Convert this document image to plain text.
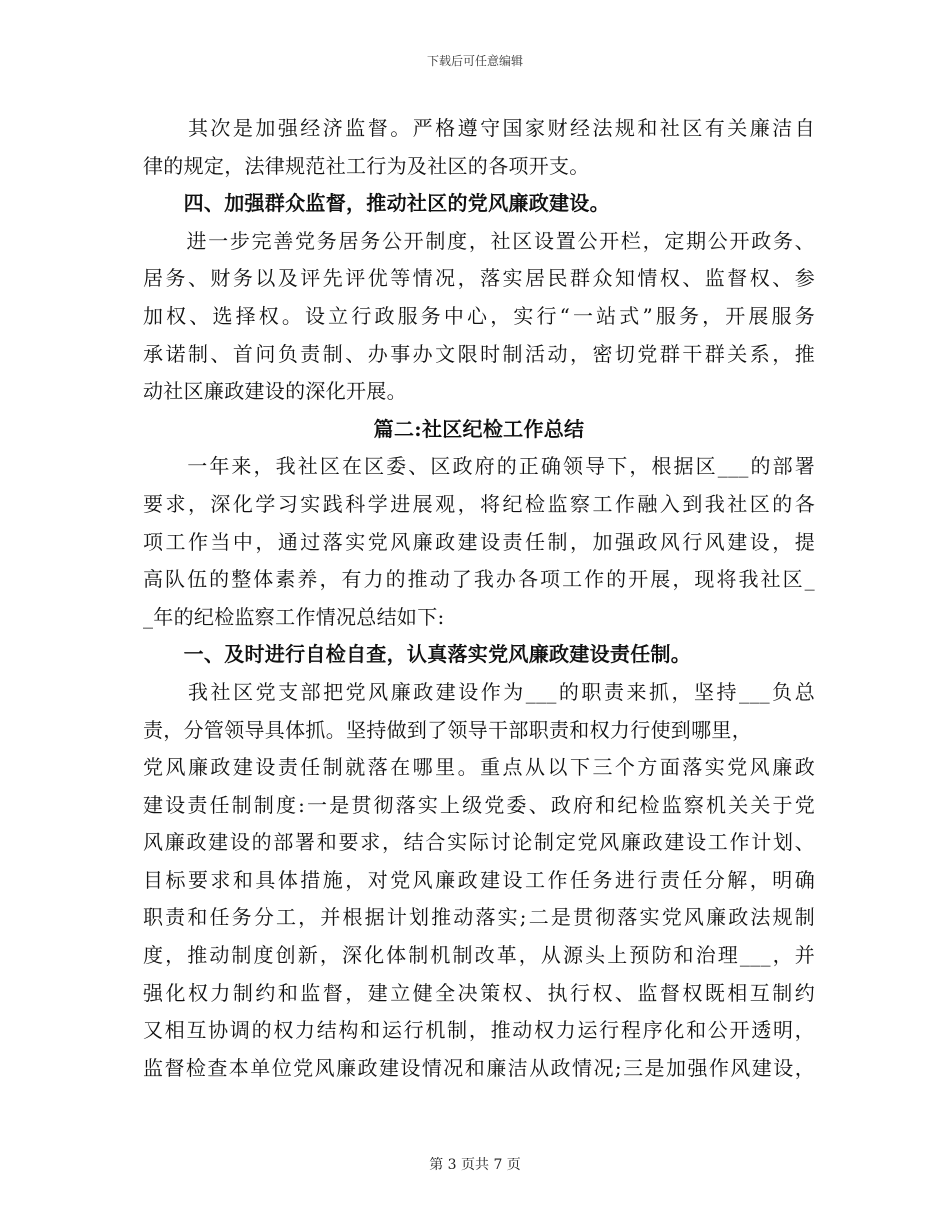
下载后可任意编辑
　　其次是加强经济监督。严格遵守国家财经法规和社区有关廉洁自
律的规定，法律规范社工行为及社区的各项开支。
　　四、加强群众监督，推动社区的党风廉政建设。
　　进一步完善党务居务公开制度，社区设置公开栏，定期公开政务、
居务、财务以及评先评优等情况，落实居民群众知情权、监督权、参
加权、选择权。设立行政服务中心，实行“一站式”服务，开展服务
承诺制、首问负责制、办事办文限时制活动，密切党群干群关系，推
动社区廉政建设的深化开展。
篇二:社区纪检工作总结
　　一年来，我社区在区委、区政府的正确领导下，根据区___的部署
要求，深化学习实践科学进展观，将纪检监察工作融入到我社区的各
项工作当中，通过落实党风廉政建设责任制，加强政风行风建设，提
高队伍的整体素养，有力的推动了我办各项工作的开展，现将我社区_
_年的纪检监察工作情况总结如下:
　　一、及时进行自检自查，认真落实党风廉政建设责任制。
　　我社区党支部把党风廉政建设作为___的职责来抓，坚持___负总
责，分管领导具体抓。坚持做到了领导干部职责和权力行使到哪里，
党风廉政建设责任制就落在哪里。重点从以下三个方面落实党风廉政
建设责任制制度:一是贯彻落实上级党委、政府和纪检监察机关关于党
风廉政建设的部署和要求，结合实际讨论制定党风廉政建设工作计划、
目标要求和具体措施，对党风廉政建设工作任务进行责任分解，明确
职责和任务分工，并根据计划推动落实;二是贯彻落实党风廉政法规制
度，推动制度创新，深化体制机制改革，从源头上预防和治理___，并
强化权力制约和监督，建立健全决策权、执行权、监督权既相互制约
又相互协调的权力结构和运行机制，推动权力运行程序化和公开透明，
监督检查本单位党风廉政建设情况和廉洁从政情况;三是加强作风建设，
第 3 页共 7 页
